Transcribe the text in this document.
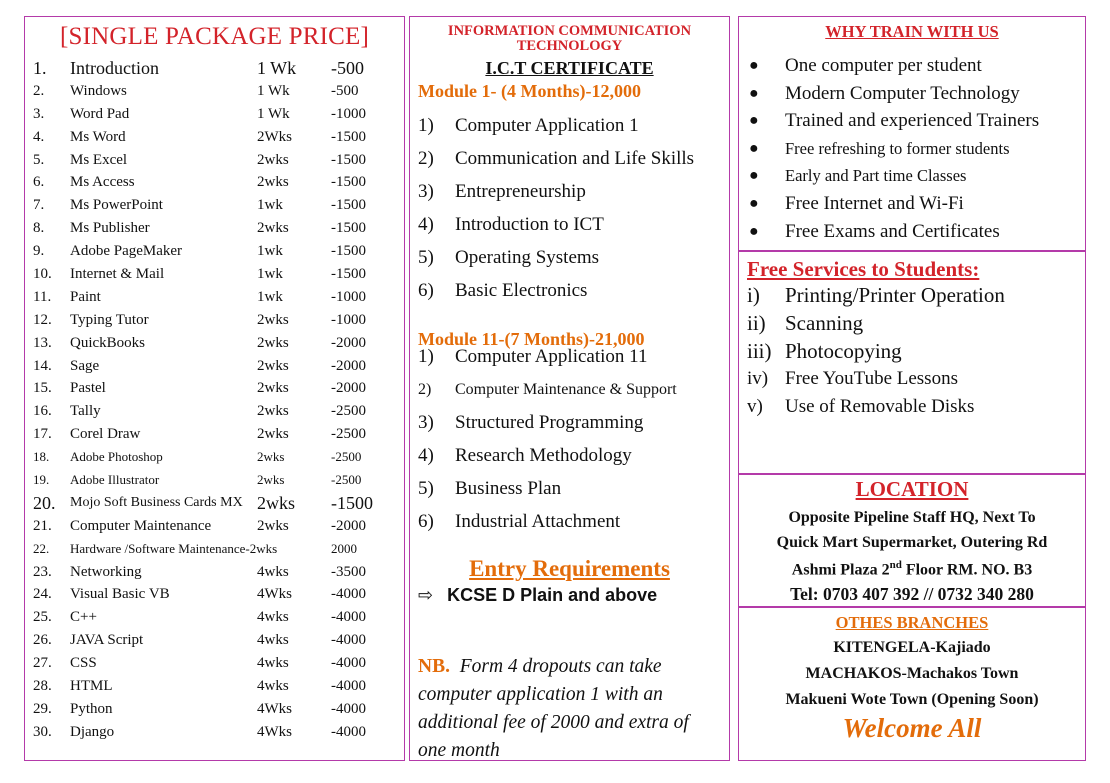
[SINGLE PACKAGE PRICE]
1. Introduction	1 Wk -500
2. Windows	1 Wk	-500
3. Word Pad	1 Wk	-1000
4. Ms Word	2Wks	-1500
5. Ms Excel	2wks	-1500
6. Ms Access	2wks	-1500
7. Ms PowerPoint	1wk	-1500
8. Ms Publisher	2wks	-1500
9. Adobe PageMaker	1wk	-1500
10. Internet & Mail	1wk	-1500
11. Paint	1wk	-1000
12. Typing Tutor	2wks	-1000
13. QuickBooks	2wks	-2000
14. Sage	2wks	-2000
15. Pastel	2wks	-2000
16. Tally	2wks	-2500
17. Corel Draw	2wks	-2500
18. Adobe Photoshop	2wks	-2500
19. Adobe Illustrator	2wks	-2500
20. Mojo Soft Business Cards MX 2wks -1500
21. Computer Maintenance	2wks	-2000
22. Hardware /Software Maintenance-2wks	2000
23. Networking	4wks	-3500
24. Visual Basic VB	4Wks	-4000
25. C++	4wks	-4000
26. JAVA Script	4wks	-4000
27. CSS	4wks	-4000
28. HTML	4wks	-4000
29. Python	4Wks	-4000
30. Django	4Wks	-4000
INFORMATION COMMUNICATION TECHNOLOGY
I.C.T CERTIFICATE
Module 1- (4 Months)-12,000
1) Computer Application 1
2) Communication and Life Skills
3) Entrepreneurship
4) Introduction to ICT
5) Operating Systems
6) Basic Electronics
Module 11-(7 Months)-21,000
1) Computer Application 11
2) Computer Maintenance & Support
3) Structured Programming
4) Research Methodology
5) Business Plan
6) Industrial Attachment
Entry Requirements
⇨ KCSE D Plain and above
NB. Form 4 dropouts can take computer application 1 with an additional fee of 2000 and extra of one month
WHY TRAIN WITH US
● One computer per student
● Modern Computer Technology
● Trained and experienced Trainers
● Free refreshing to former students
● Early and Part time Classes
● Free Internet and Wi-Fi
● Free Exams and Certificates
Free Services to Students:
i) Printing/Printer Operation
ii) Scanning
iii) Photocopying
iv) Free YouTube Lessons
v) Use of Removable Disks
LOCATION
Opposite Pipeline Staff HQ, Next To
Quick Mart Supermarket, Outering Rd
Ashmi Plaza 2nd Floor RM. NO. B3
Tel: 0703 407 392 // 0732 340 280
OTHES BRANCHES
KITENGELA-Kajiado
MACHAKOS-Machakos Town
Makueni Wote Town (Opening Soon)
Welcome All
